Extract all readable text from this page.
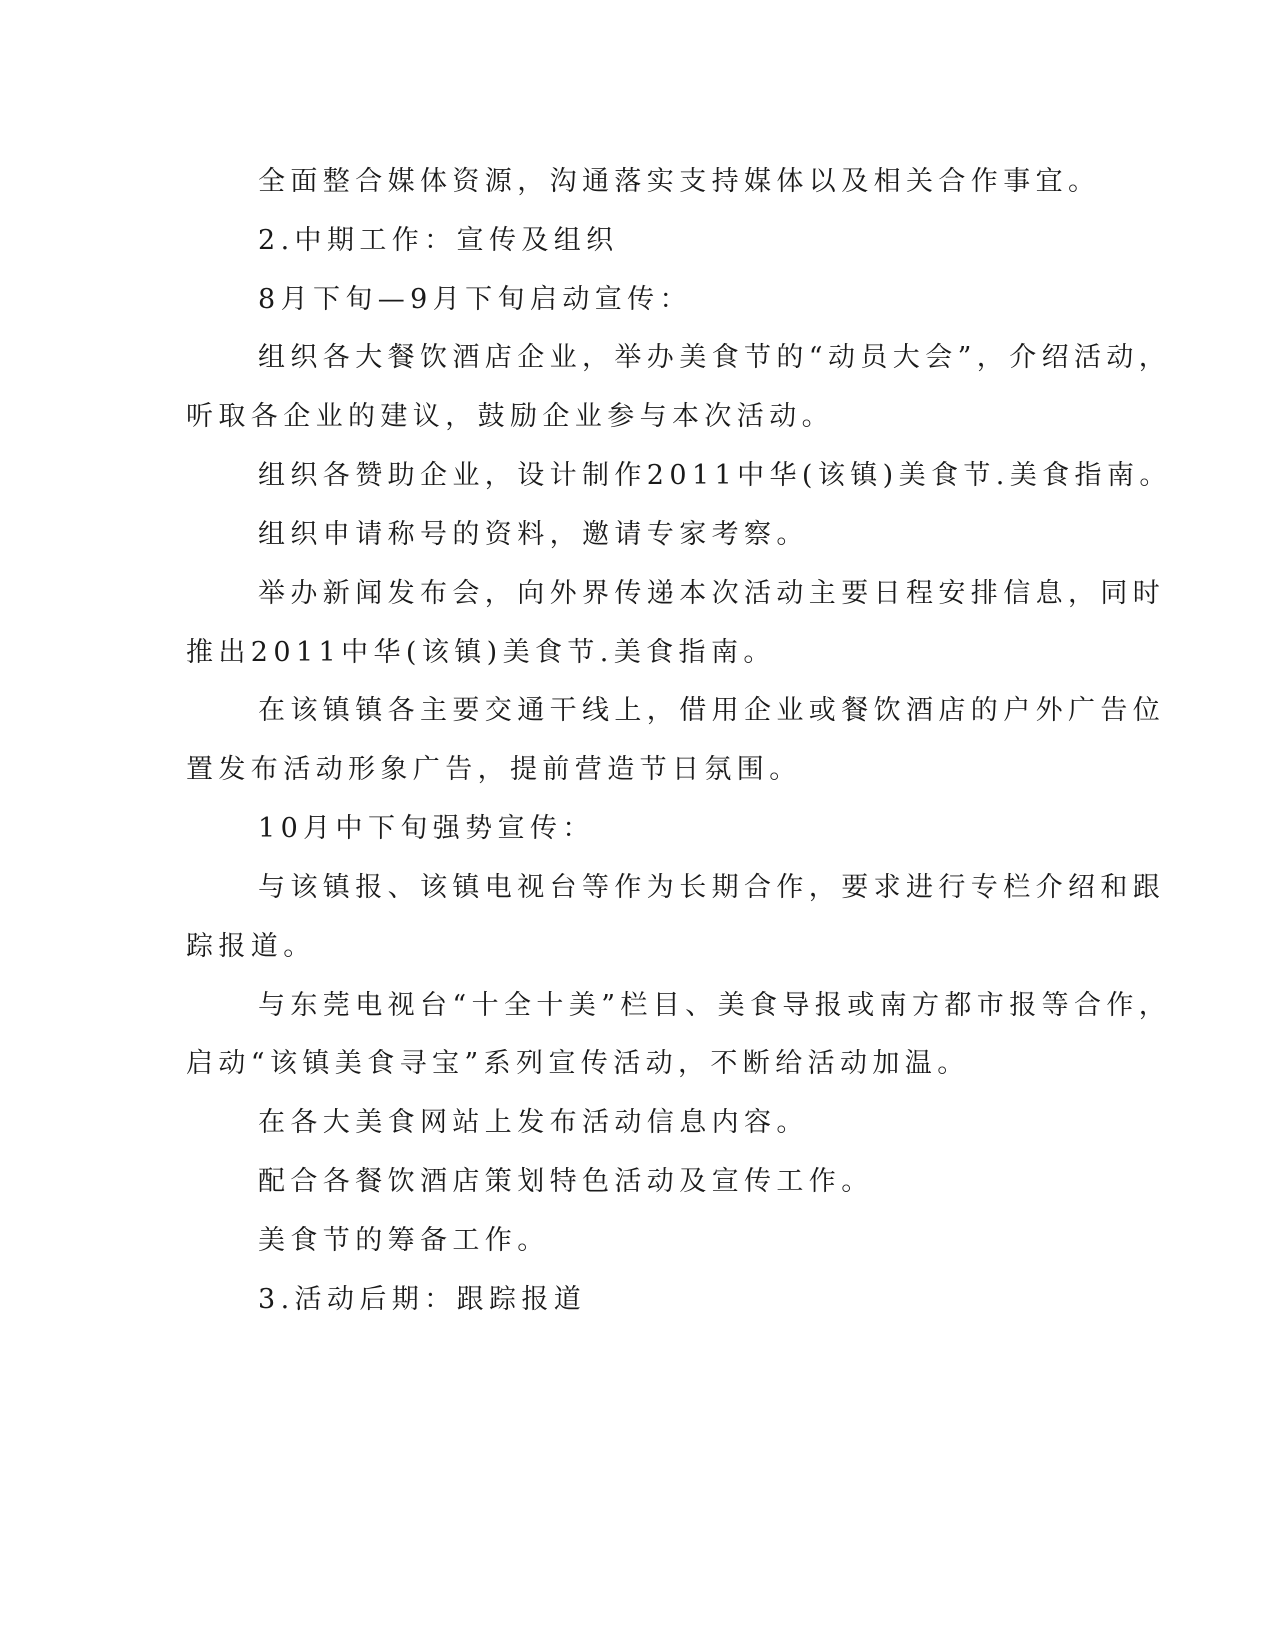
全面整合媒体资源，沟通落实支持媒体以及相关合作事宜。

2.中期工作：宣传及组织

8月下旬—9月下旬启动宣传：

组织各大餐饮酒店企业，举办美食节的“动员大会”，介绍活动，

听取各企业的建议，鼓励企业参与本次活动。

组织各赞助企业，设计制作2011中华(该镇)美食节.美食指南。

组织申请称号的资料，邀请专家考察。

举办新闻发布会，向外界传递本次活动主要日程安排信息，同时

推出2011中华(该镇)美食节.美食指南。

在该镇镇各主要交通干线上，借用企业或餐饮酒店的户外广告位

置发布活动形象广告，提前营造节日氛围。

10月中下旬强势宣传：

与该镇报、该镇电视台等作为长期合作，要求进行专栏介绍和跟

踪报道。

与东莞电视台“十全十美”栏目、美食导报或南方都市报等合作，

启动“该镇美食寻宝”系列宣传活动，不断给活动加温。

在各大美食网站上发布活动信息内容。

配合各餐饮酒店策划特色活动及宣传工作。

美食节的筹备工作。

3.活动后期：跟踪报道
